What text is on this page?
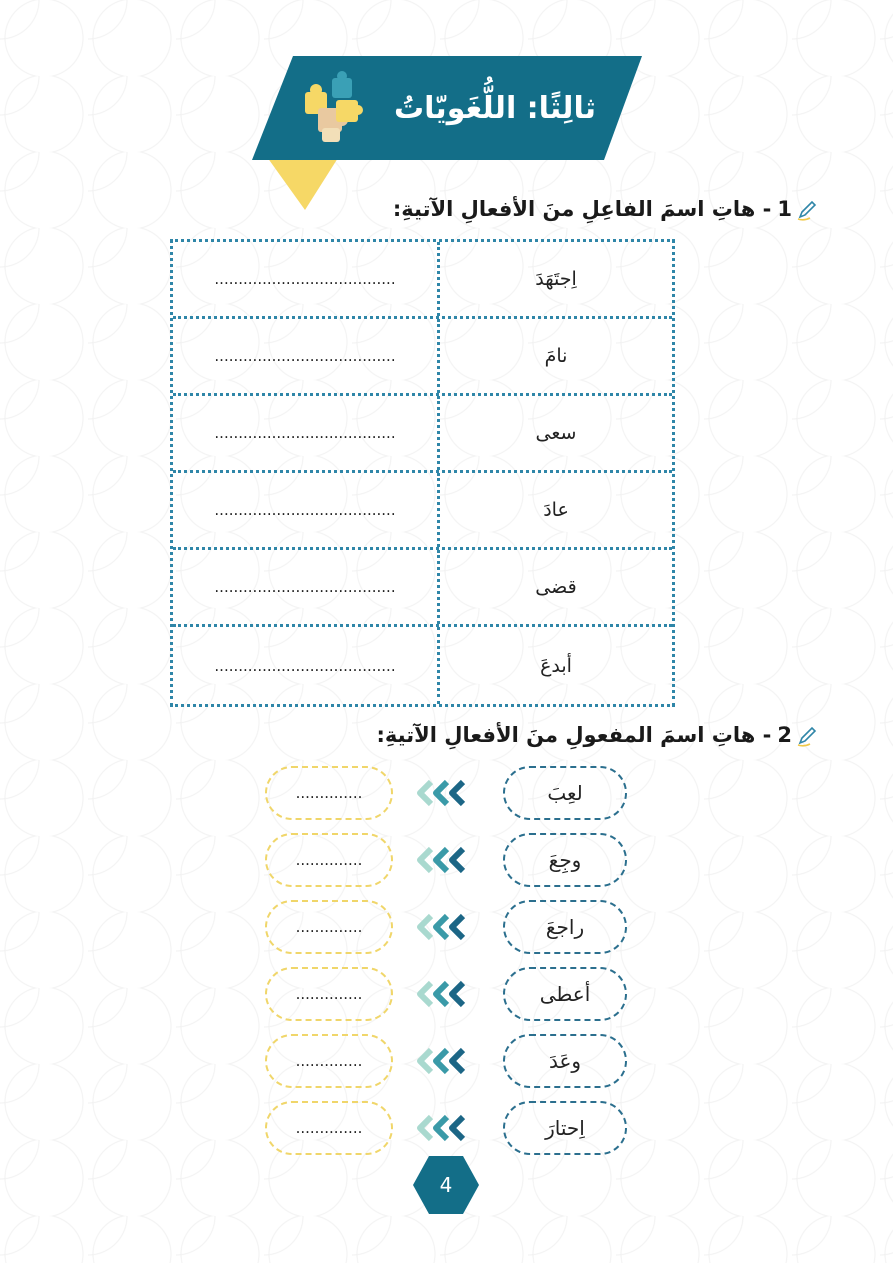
ثالِثًا: اللُّغَويّاتُ
1- هاتِ اسمَ الفاعِلِ منَ الأفعالِ الآتيةِ:
اِجتَهَدَ
......................................
نامَ
......................................
سعى
......................................
عادَ
......................................
قضى
......................................
أبدعَ
......................................
2- هاتِ اسمَ المفعولِ منَ الأفعالِ الآتيةِ:
..............	لعِبَ
..............	وجِعَ
..............	راجعَ
..............	أعطى
..............	وعَدَ
..............	اِحتارَ
4
